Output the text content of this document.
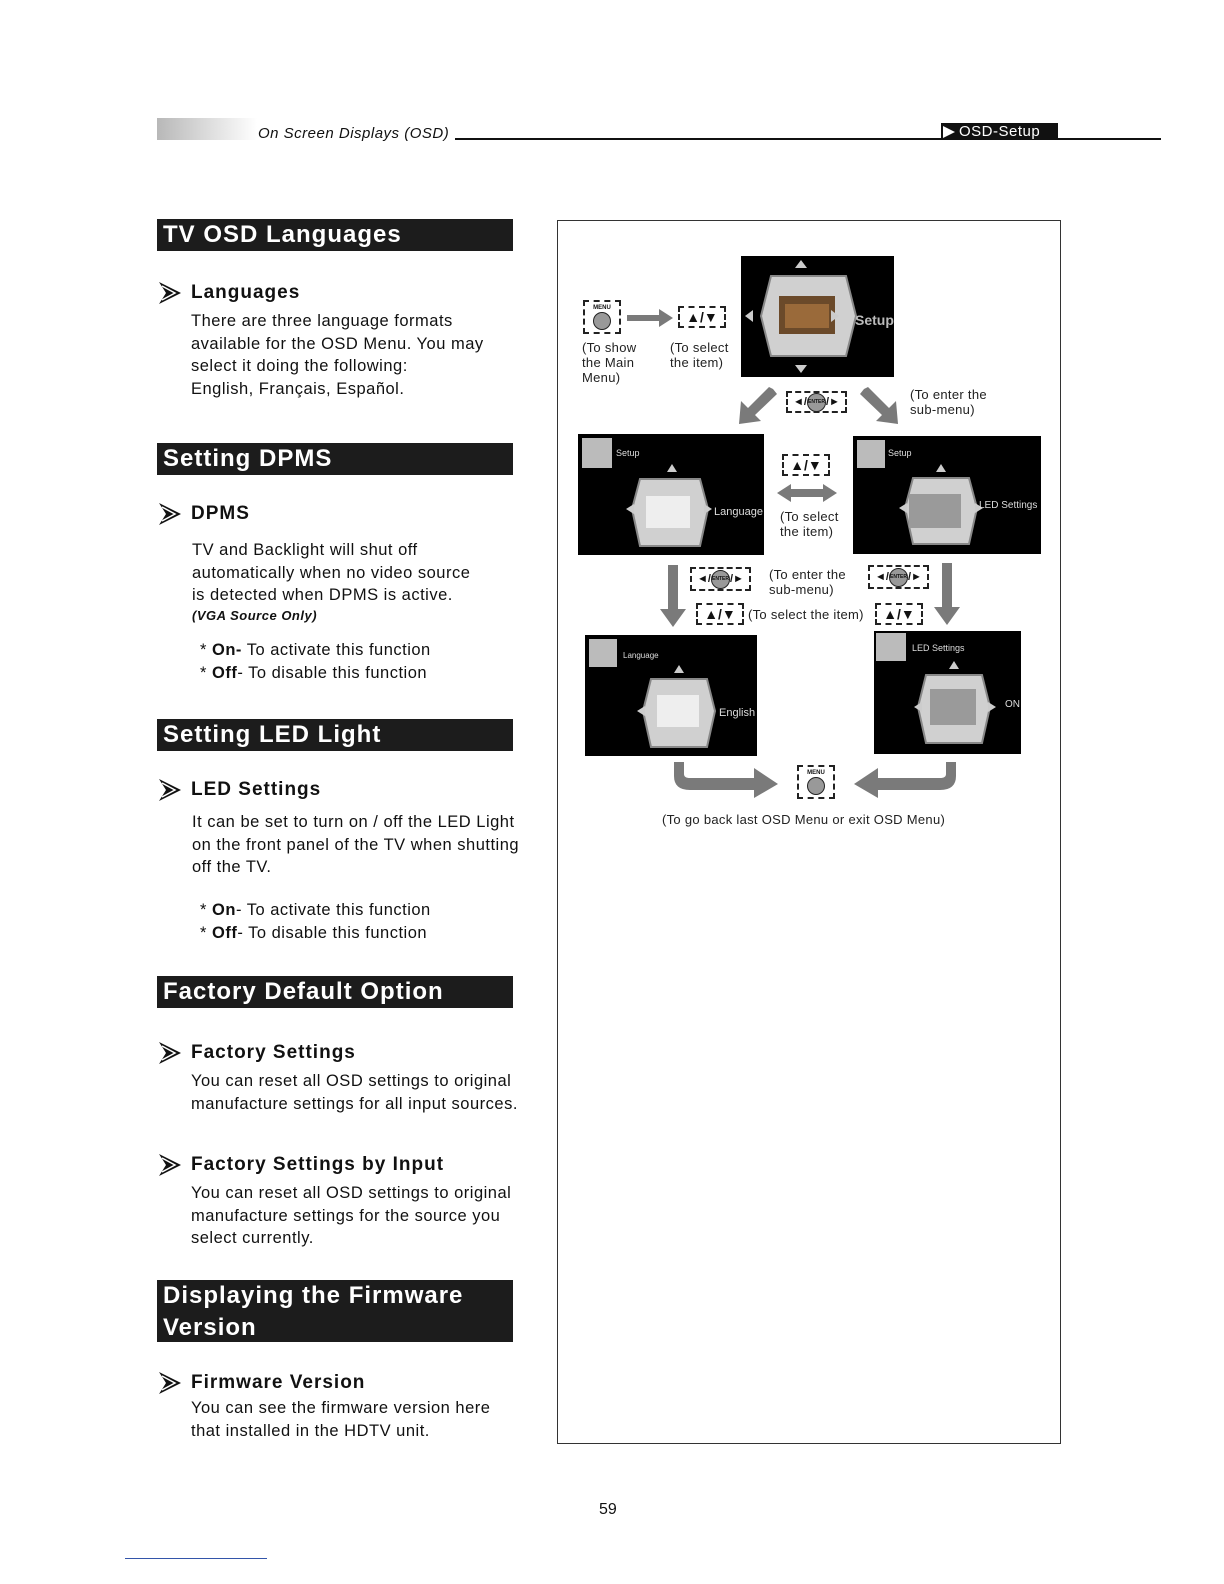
On Screen Displays (OSD)	OSD-Setup
TV OSD Languages
Languages
There are three language formats
available for the OSD Menu. You may
select it doing the following:
English, Français, Español.
Setting DPMS
DPMS
TV and Backlight will shut off
automatically when no video source
is detected when DPMS is active.
(VGA Source Only)
* On- To activate this function
* Off- To disable this function
Setting LED Light
LED Settings
It can be set to turn on / off the LED Light
on the front panel of the TV when shutting
off the TV.
* On- To activate this function
* Off- To disable this function
Factory Default Option
Factory Settings
You can reset all OSD settings to original
manufacture settings for all input sources.
Factory Settings by Input
You can reset all OSD settings to original
manufacture settings for the source you
select currently.
Displaying the Firmware
Version
Firmware Version
You can see the firmware version here
that installed in the HDTV unit.
MENU
▲/▼
(To show
the Main
Menu)
(To select
the item)
Setup
◄/ ENTER /►	(To enter the
sub-menu)
Setup
Language
▲/▼
(To select
the item)
Setup
LED Settings
◄/ ENTER /► (To enter the
sub-menu)
◄/ ENTER /►
▲/▼ (To select the item)	▲/▼
Language
English
LED Settings
ON
MENU
(To go back last OSD Menu or exit OSD Menu)
59
